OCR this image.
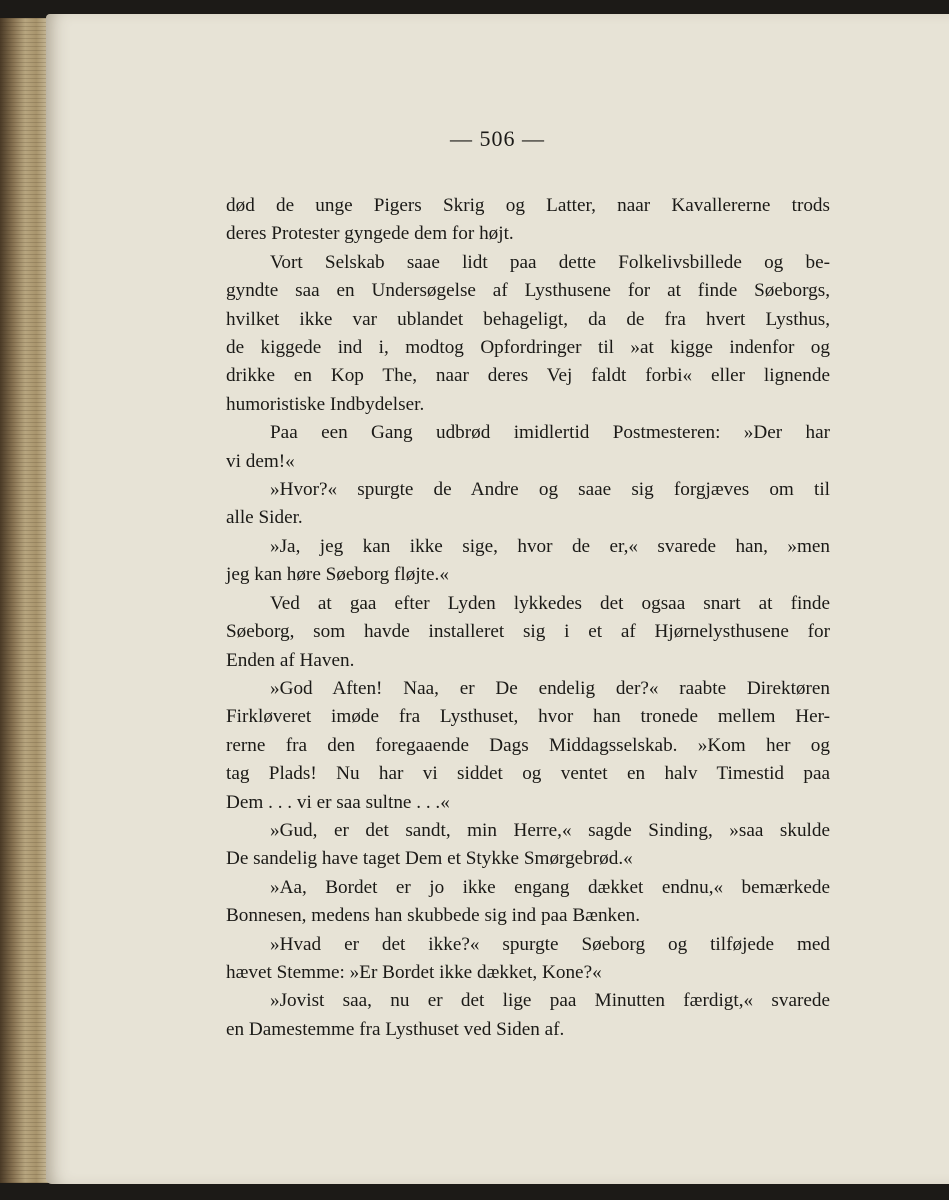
— 506 —
død de unge Pigers Skrig og Latter, naar Kavallererne trods
deres Protester gyngede dem for højt.
Vort Selskab saae lidt paa dette Folkelivsbillede og be-
gyndte saa en Undersøgelse af Lysthusene for at finde Søeborgs,
hvilket ikke var ublandet behageligt, da de fra hvert Lysthus,
de kiggede ind i, modtog Opfordringer til »at kigge indenfor og
drikke en Kop The, naar deres Vej faldt forbi« eller lignende
humoristiske Indbydelser.
Paa een Gang udbrød imidlertid Postmesteren: »Der har
vi dem!«
»Hvor?« spurgte de Andre og saae sig forgjæves om til
alle Sider.
»Ja, jeg kan ikke sige, hvor de er,« svarede han, »men
jeg kan høre Søeborg fløjte.«
Ved at gaa efter Lyden lykkedes det ogsaa snart at finde
Søeborg, som havde installeret sig i et af Hjørnelysthusene for
Enden af Haven.
»God Aften! Naa, er De endelig der?« raabte Direktøren
Firkløveret imøde fra Lysthuset, hvor han tronede mellem Her-
rerne fra den foregaaende Dags Middagsselskab. »Kom her og
tag Plads! Nu har vi siddet og ventet en halv Timestid paa
Dem . . . vi er saa sultne . . .«
»Gud, er det sandt, min Herre,« sagde Sinding, »saa skulde
De sandelig have taget Dem et Stykke Smørgebrød.«
»Aa, Bordet er jo ikke engang dækket endnu,« bemærkede
Bonnesen, medens han skubbede sig ind paa Bænken.
»Hvad er det ikke?« spurgte Søeborg og tilføjede med
hævet Stemme: »Er Bordet ikke dækket, Kone?«
»Jovist saa, nu er det lige paa Minutten færdigt,« svarede
en Damestemme fra Lysthuset ved Siden af.
